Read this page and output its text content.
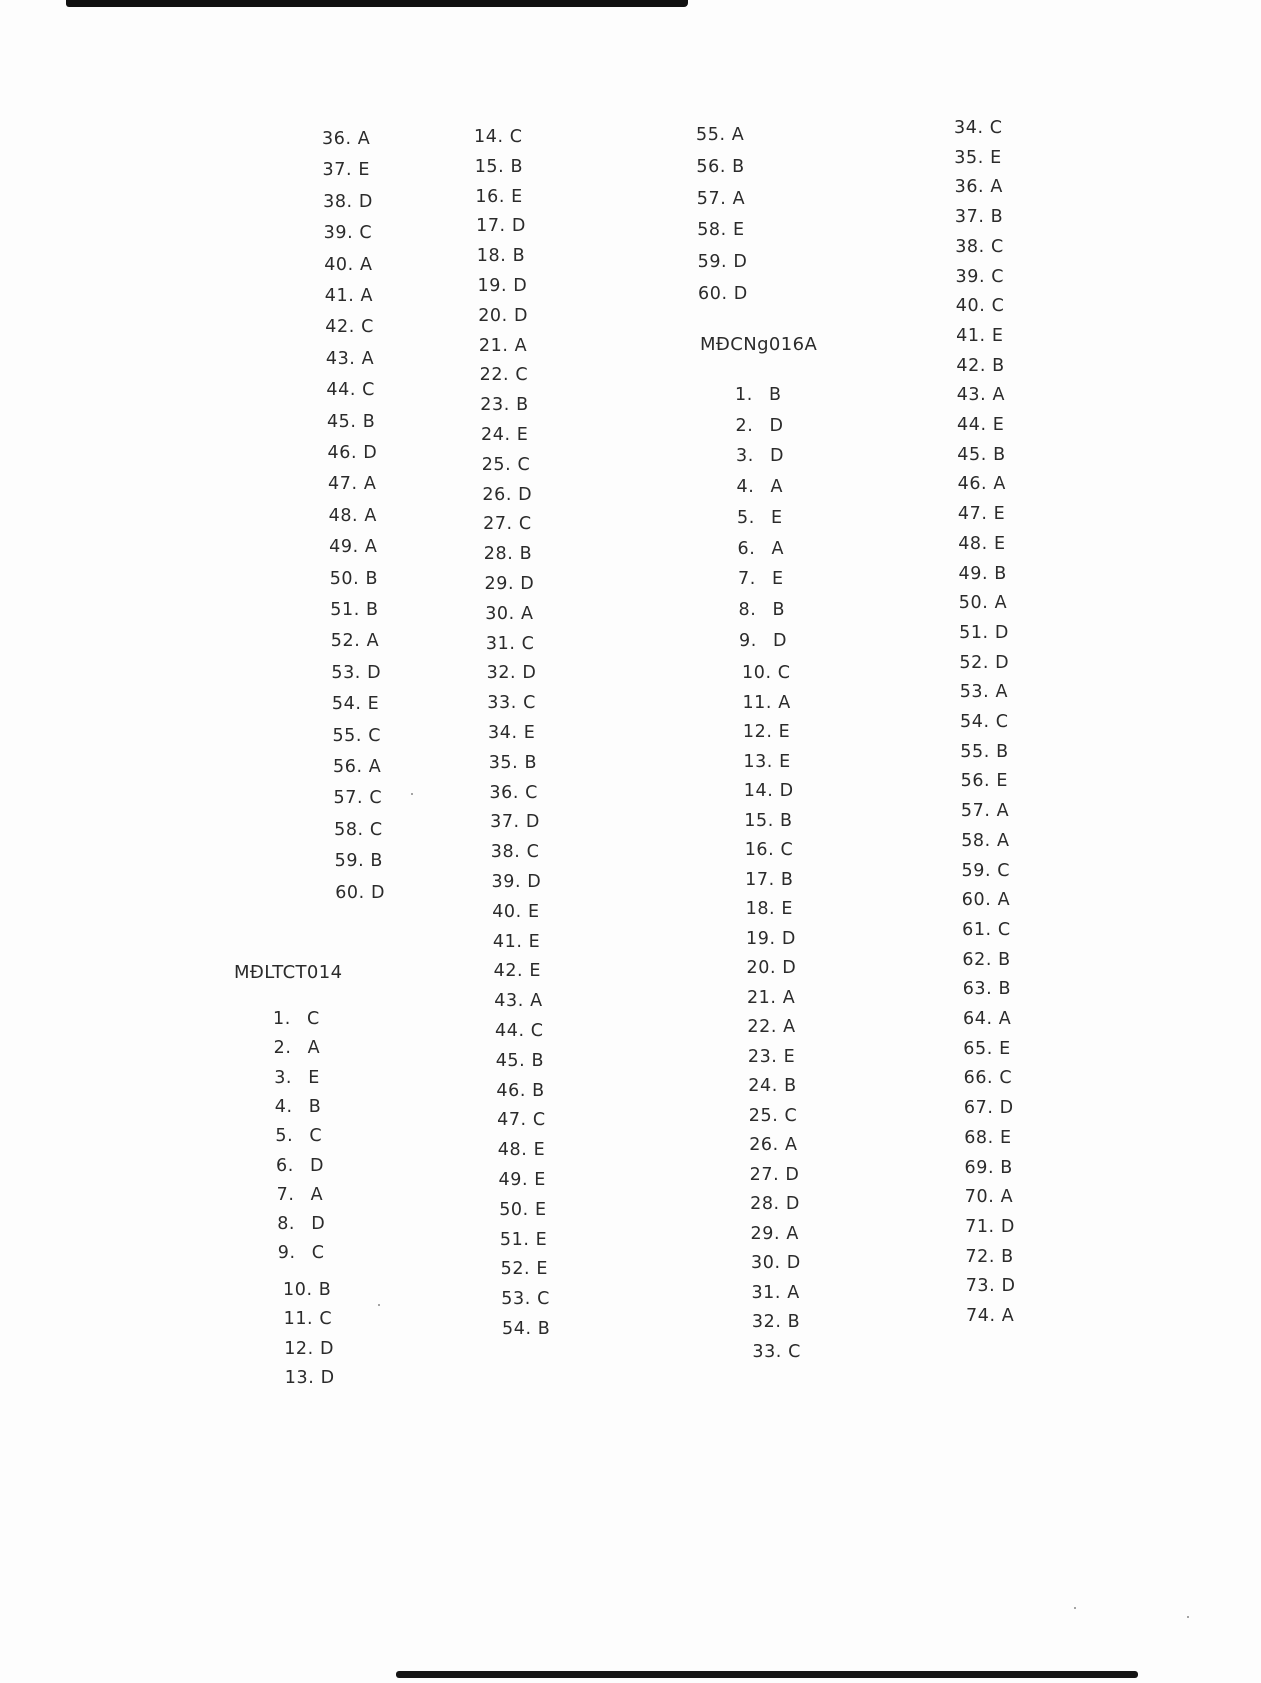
36. A
37. E
38. D
39. C
40. A
41. A
42. C
43. A
44. C
45. B
46. D
47. A
48. A
49. A
50. B
51. B
52. A
53. D
54. E
55. C
56. A
57. C
58. C
59. B
60. D
MĐLTCT014
1. C
2. A
3. E
4. B
5. C
6. D
7. A
8. D
9. C
10. B
11. C
12. D
13. D
14. C
15. B
16. E
17. D
18. B
19. D
20. D
21. A
22. C
23. B
24. E
25. C
26. D
27. C
28. B
29. D
30. A
31. C
32. D
33. C
34. E
35. B
36. C
37. D
38. C
39. D
40. E
41. E
42. E
43. A
44. C
45. B
46. B
47. C
48. E
49. E
50. E
51. E
52. E
53. C
54. B
55. A
56. B
57. A
58. E
59. D
60. D
MĐCNg016A
1. B
2. D
3. D
4. A
5. E
6. A
7. E
8. B
9. D
10. C
11. A
12. E
13. E
14. D
15. B
16. C
17. B
18. E
19. D
20. D
21. A
22. A
23. E
24. B
25. C
26. A
27. D
28. D
29. A
30. D
31. A
32. B
33. C
34. C
35. E
36. A
37. B
38. C
39. C
40. C
41. E
42. B
43. A
44. E
45. B
46. A
47. E
48. E
49. B
50. A
51. D
52. D
53. A
54. C
55. B
56. E
57. A
58. A
59. C
60. A
61. C
62. B
63. B
64. A
65. E
66. C
67. D
68. E
69. B
70. A
71. D
72. B
73. D
74. A
